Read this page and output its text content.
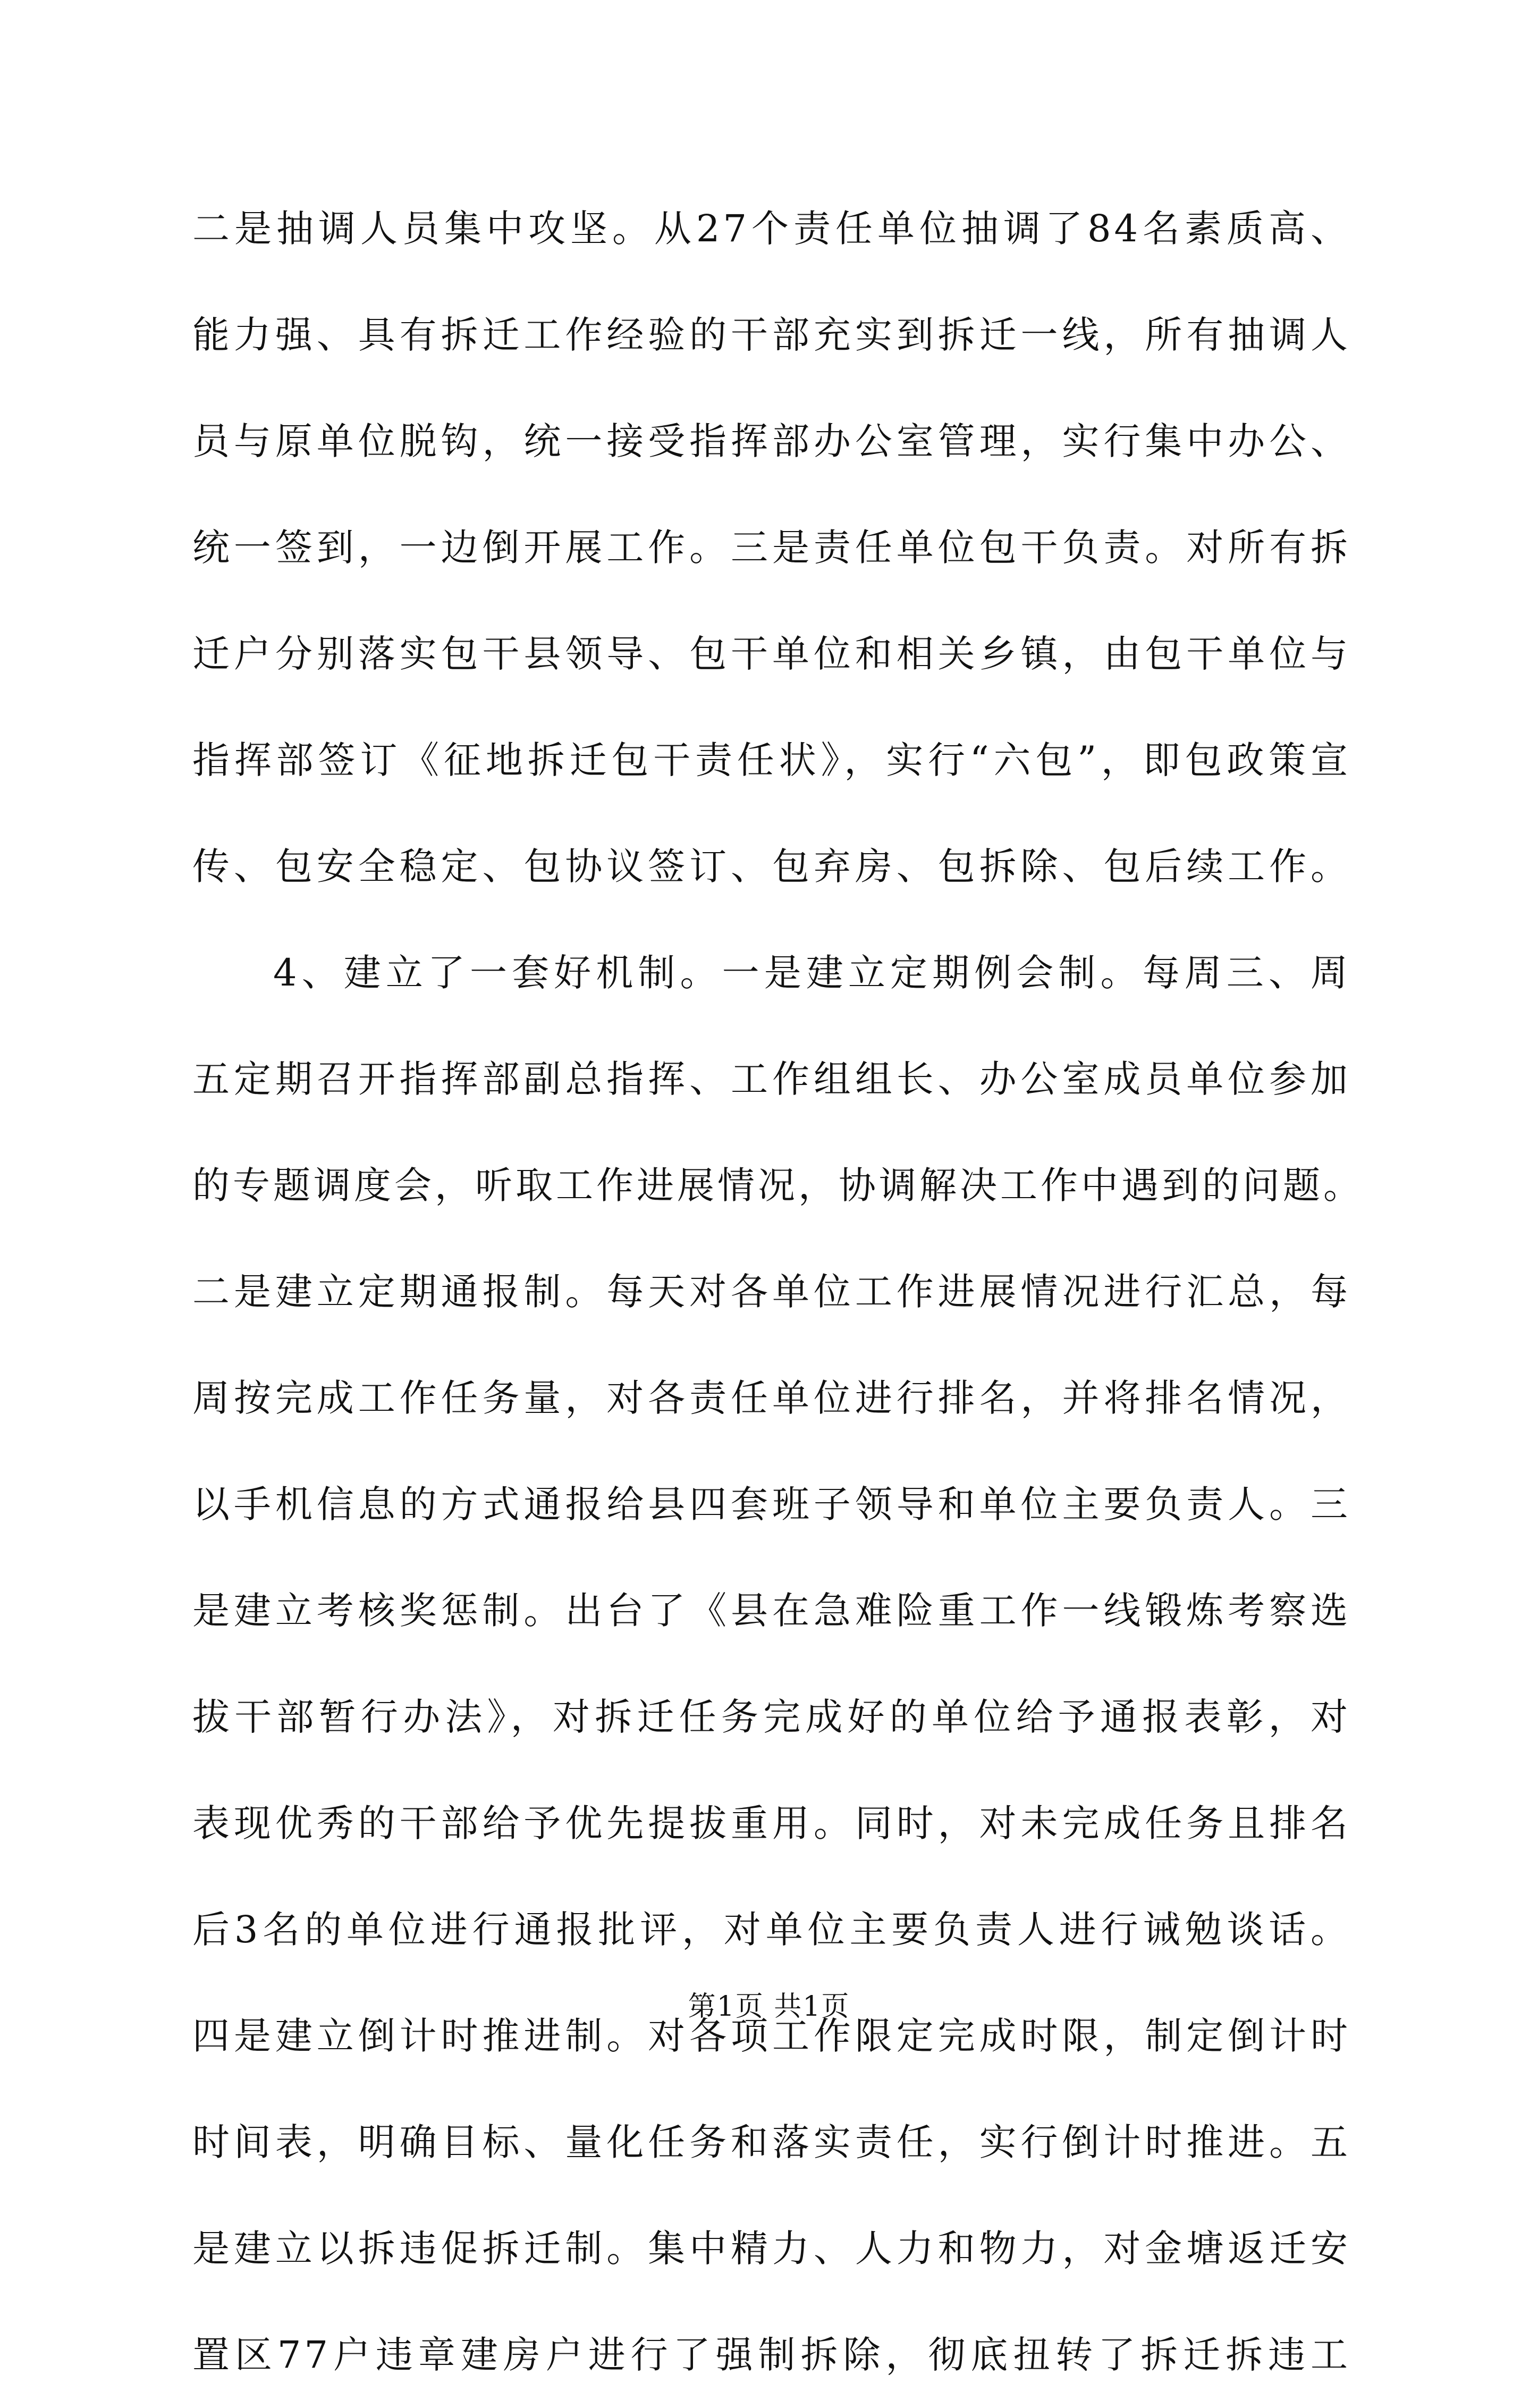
二是抽调人员集中攻坚。从27个责任单位抽调了84名素质高、
能力强、具有拆迁工作经验的干部充实到拆迁一线，所有抽调人
员与原单位脱钩，统一接受指挥部办公室管理，实行集中办公、
统一签到，一边倒开展工作。三是责任单位包干负责。对所有拆
迁户分别落实包干县领导、包干单位和相关乡镇，由包干单位与
指挥部签订《征地拆迁包干责任状》，实行“六包”，即包政策宣
传、包安全稳定、包协议签订、包弃房、包拆除、包后续工作。
4、建立了一套好机制。一是建立定期例会制。每周三、周
五定期召开指挥部副总指挥、工作组组长、办公室成员单位参加
的专题调度会，听取工作进展情况，协调解决工作中遇到的问题。
二是建立定期通报制。每天对各单位工作进展情况进行汇总，每
周按完成工作任务量，对各责任单位进行排名，并将排名情况，
以手机信息的方式通报给县四套班子领导和单位主要负责人。三
是建立考核奖惩制。出台了《县在急难险重工作一线锻炼考察选
拔干部暂行办法》，对拆迁任务完成好的单位给予通报表彰，对
表现优秀的干部给予优先提拔重用。同时，对未完成任务且排名
后3名的单位进行通报批评，对单位主要负责人进行诫勉谈话。
四是建立倒计时推进制。对各项工作限定完成时限，制定倒计时
时间表，明确目标、量化任务和落实责任，实行倒计时推进。五
是建立以拆违促拆迁制。集中精力、人力和物力，对金塘返迁安
置区77户违章建房户进行了强制拆除，彻底扭转了拆迁拆违工
第1页 共1页
